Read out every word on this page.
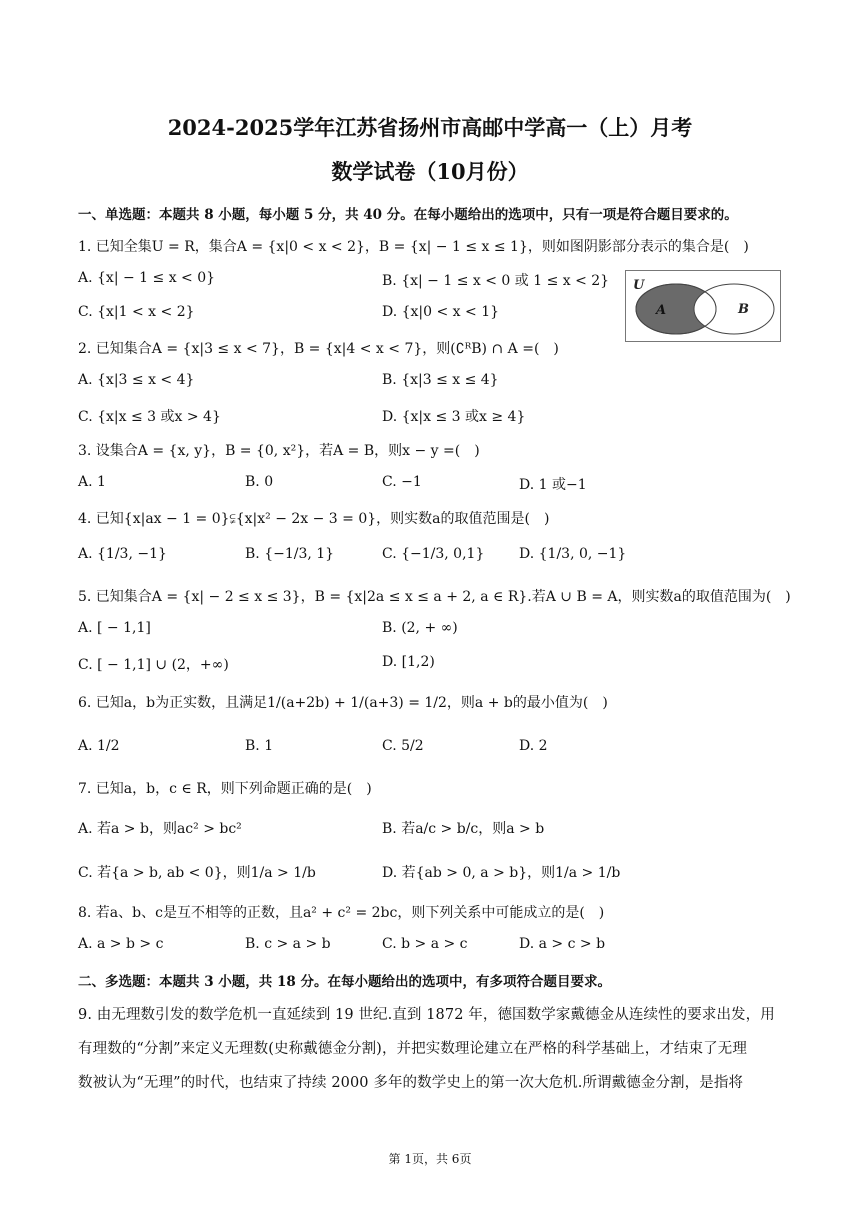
2024-2025学年江苏省扬州市高邮中学高一（上）月考
数学试卷（10月份）
一、单选题：本题共 8 小题，每小题 5 分，共 40 分。在每小题给出的选项中，只有一项是符合题目要求的。
1. 已知全集U = R，集合A = {x|0 < x < 2}，B = {x| − 1 ≤ x ≤ 1}，则如图阴影部分表示的集合是(　)
A. {x| − 1 ≤ x < 0}	B. {x| − 1 ≤ x < 0 或 1 ≤ x < 2}
C. {x|1 < x < 2}	D. {x|0 < x < 1}
U
A	B
2. 已知集合A = {x|3 ≤ x < 7}，B = {x|4 < x < 7}，则(∁ᴿB) ∩ A =(　)
A. {x|3 ≤ x < 4}	B. {x|3 ≤ x ≤ 4}
C. {x|x ≤ 3 或x > 4}	D. {x|x ≤ 3 或x ≥ 4}
3. 设集合A = {x, y}，B = {0, x²}，若A = B，则x − y =(　)
A. 1	B. 0	C. −1	D. 1 或−1
4. 已知{x|ax − 1 = 0}⫋{x|x² − 2x − 3 = 0}，则实数a的取值范围是(　)
A. {1/3, −1}	B. {−1/3, 1}	C. {−1/3, 0,1} D. {1/3, 0, −1}
5. 已知集合A = {x| − 2 ≤ x ≤ 3}，B = {x|2a ≤ x ≤ a + 2, a ∈ R}.若A ∪ B = A，则实数a的取值范围为(　)
A. [ − 1,1]	B. (2, + ∞)
C. [ − 1,1] ∪ (2，+∞)	D. [1,2)
6. 已知a，b为正实数，且满足1/(a+2b) + 1/(a+3) = 1/2，则a + b的最小值为(　)
A. 1/2	B. 1	C. 5/2	D. 2
7. 已知a，b，c ∈ R，则下列命题正确的是(　)
A. 若a > b，则ac² > bc²	B. 若a/c > b/c，则a > b
C. 若{a > b, ab < 0}，则1/a > 1/b	D. 若{ab > 0, a > b}，则1/a > 1/b
8. 若a、b、c是互不相等的正数，且a² + c² = 2bc，则下列关系中可能成立的是(　)
A. a > b > c	B. c > a > b	C. b > a > c	D. a > c > b
二、多选题：本题共 3 小题，共 18 分。在每小题给出的选项中，有多项符合题目要求。
9. 由无理数引发的数学危机一直延续到 19 世纪.直到 1872 年，德国数学家戴德金从连续性的要求出发，用
有理数的“分割”来定义无理数(史称戴德金分割)，并把实数理论建立在严格的科学基础上，才结束了无理
数被认为“无理”的时代，也结束了持续 2000 多年的数学史上的第一次大危机.所谓戴德金分割，是指将
第 1页，共 6页
